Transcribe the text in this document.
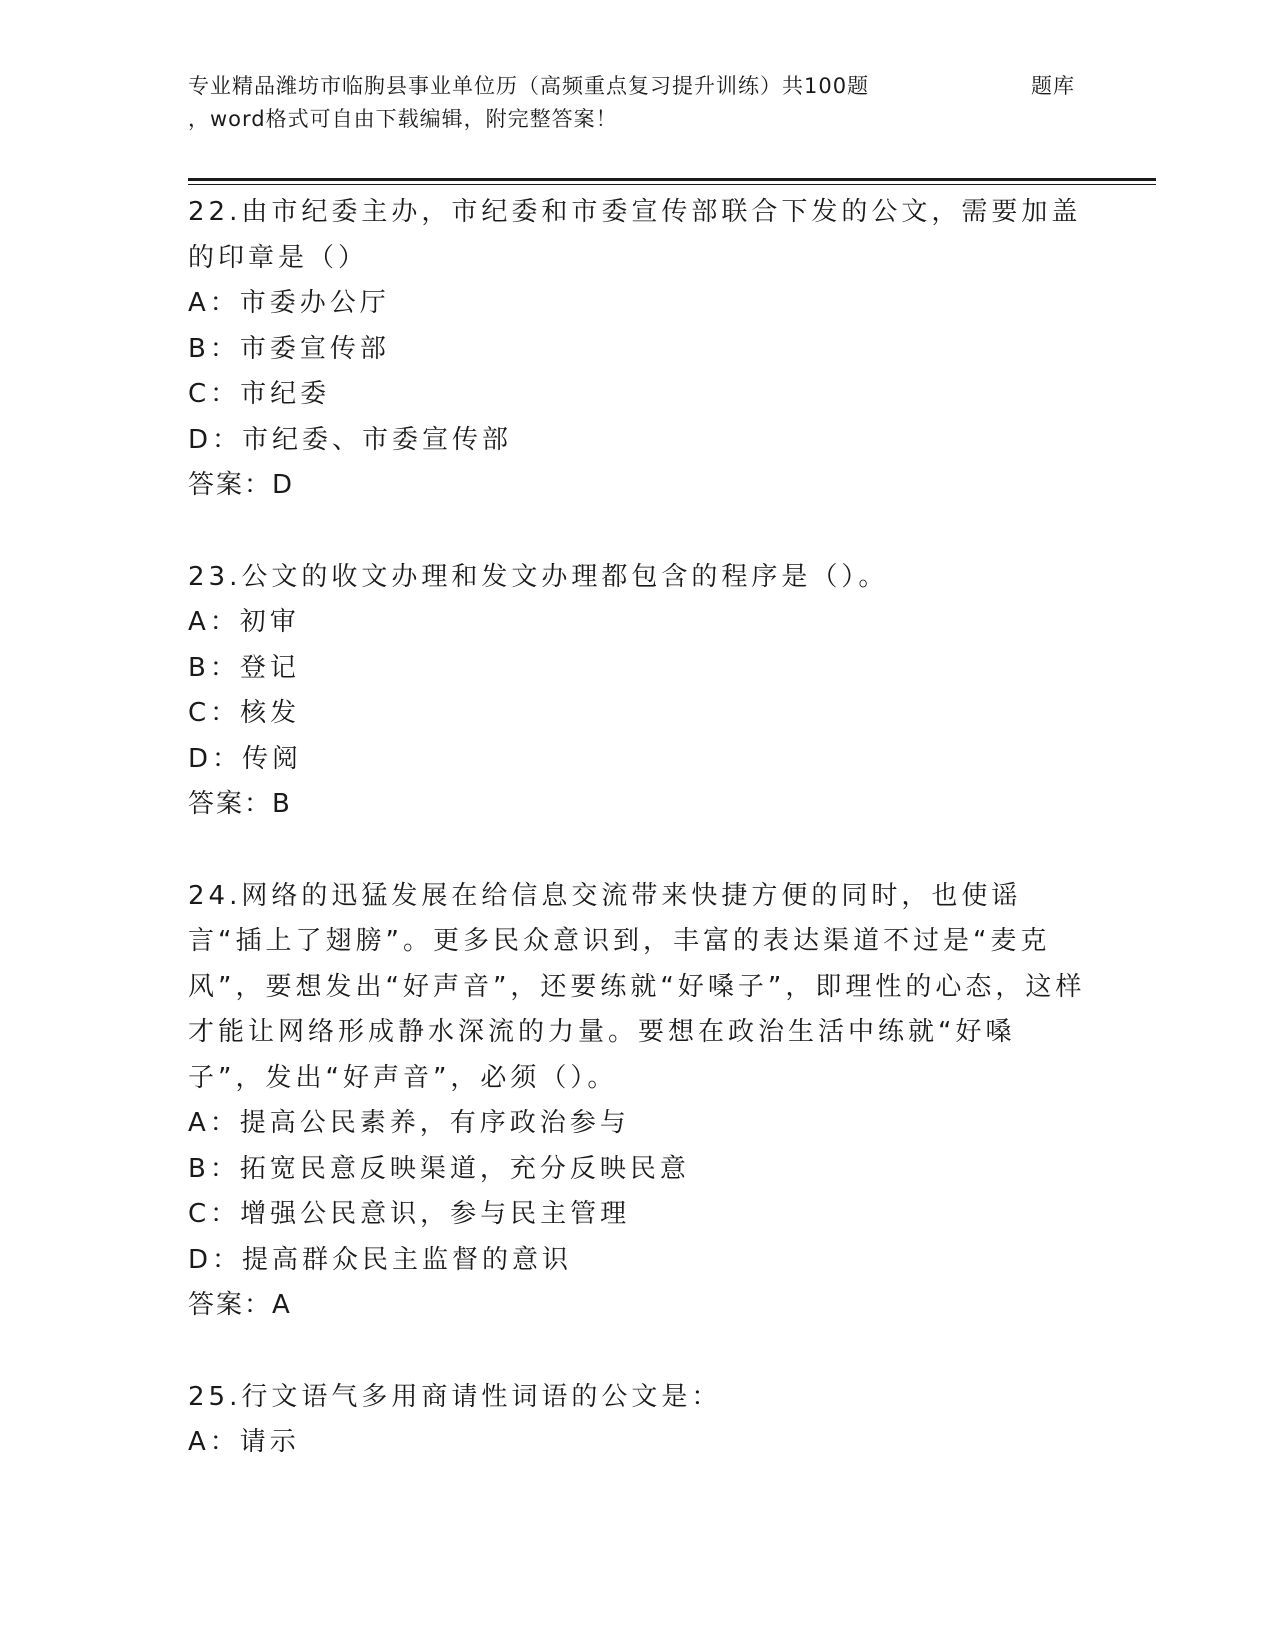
专业精品潍坊市临朐县事业单位历（高频重点复习提升训练）共100题	题库
，word格式可自由下载编辑，附完整答案！

22.由市纪委主办，市纪委和市委宣传部联合下发的公文，需要加盖的印章是（）

A：市委办公厅

B：市委宣传部

C：市纪委

D：市纪委、市委宣传部

答案：D

23.公文的收文办理和发文办理都包含的程序是（）。

A：初审

B：登记

C：核发

D：传阅

答案：B

24.网络的迅猛发展在给信息交流带来快捷方便的同时，也使谣言“插上了翅膀”。更多民众意识到，丰富的表达渠道不过是“麦克风”，要想发出“好声音”，还要练就“好嗓子”，即理性的心态，这样才能让网络形成静水深流的力量。要想在政治生活中练就“好嗓子”，发出“好声音”，必须（）。

A：提高公民素养，有序政治参与

B：拓宽民意反映渠道，充分反映民意

C：增强公民意识，参与民主管理

D：提高群众民主监督的意识

答案：A

25.行文语气多用商请性词语的公文是：

A：请示
